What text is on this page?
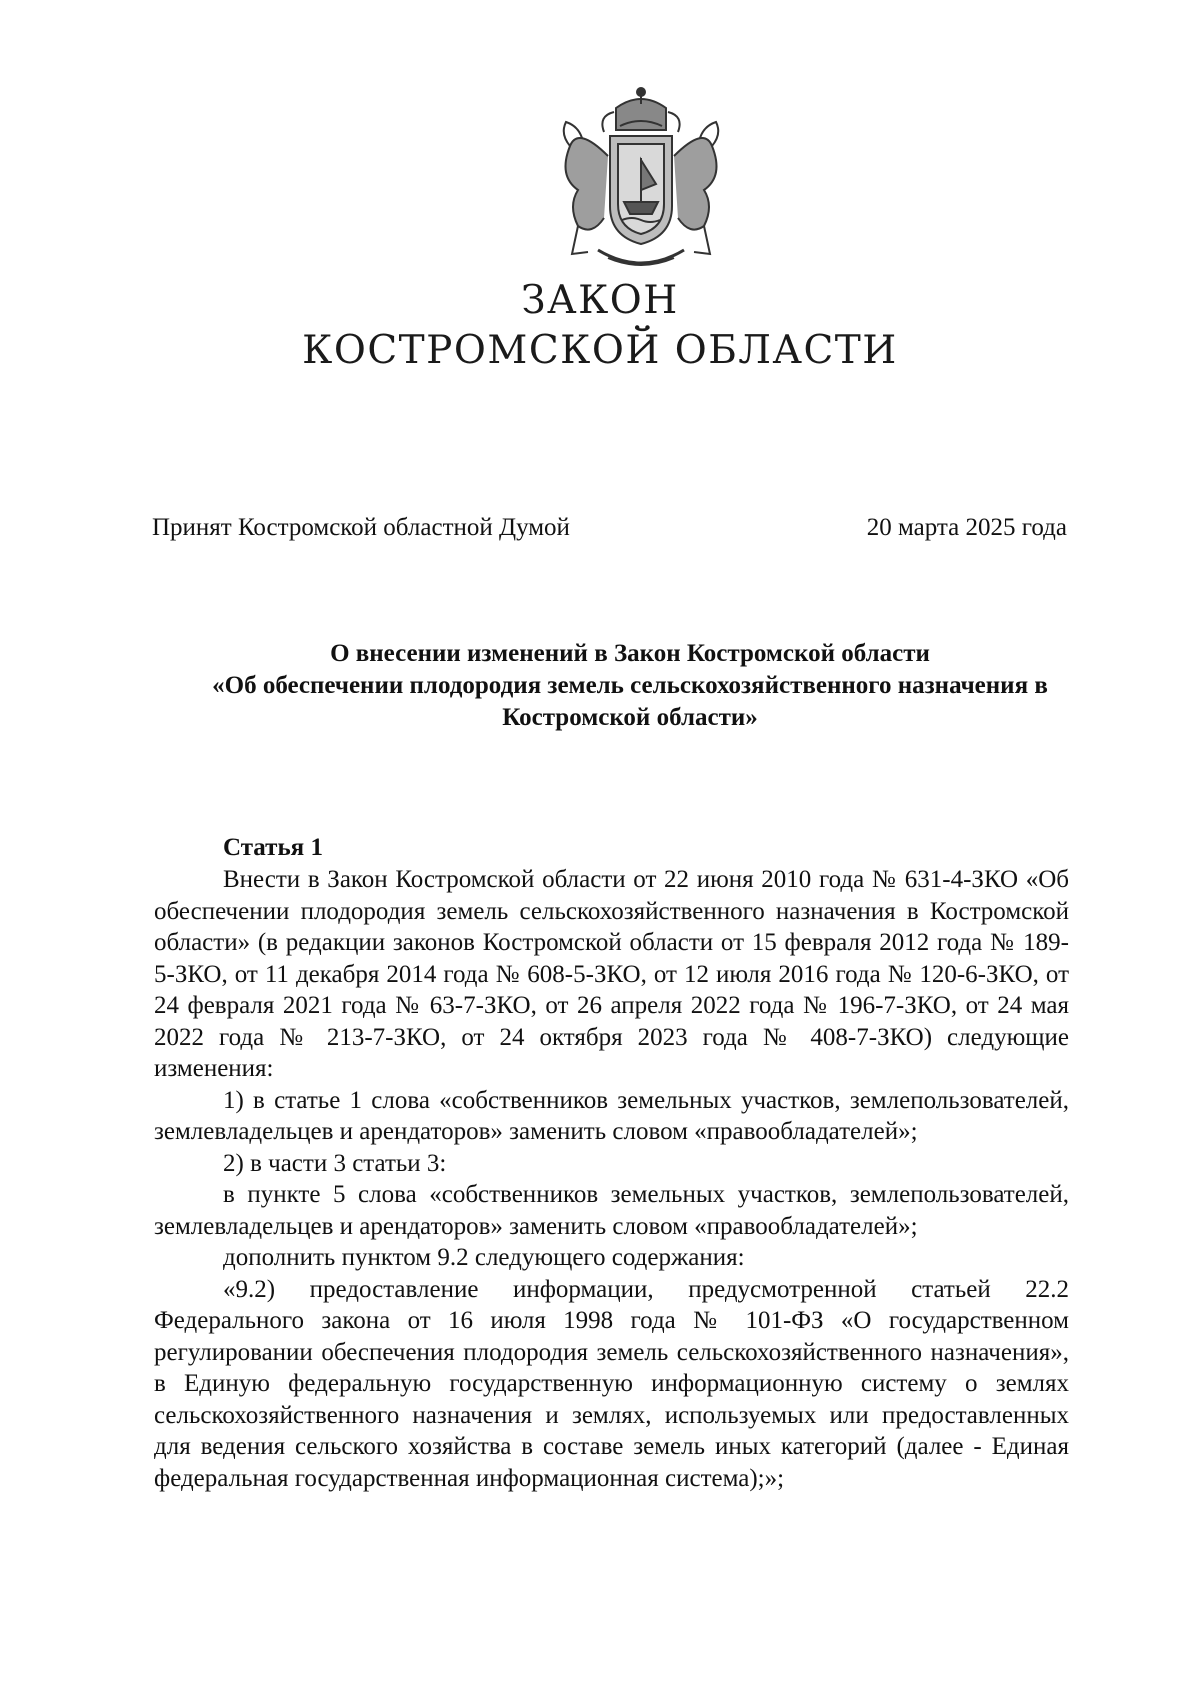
ЗАКОН
КОСТРОМСКОЙ ОБЛАСТИ
Принят Костромской областной Думой	20 марта 2025 года
О внесении изменений в Закон Костромской области
«Об обеспечении плодородия земель сельскохозяйственного назначения в
Костромской области»
Статья 1

Внести в Закон Костромской области от 22 июня 2010 года № 631-4-ЗКО «Об обеспечении плодородия земель сельскохозяйственного назначения в Костромской области» (в редакции законов Костромской области от 15 февраля 2012 года № 189-5-ЗКО, от 11 декабря 2014 года № 608-5-ЗКО, от 12 июля 2016 года № 120-6-ЗКО, от 24 февраля 2021 года № 63-7-ЗКО, от 26 апреля 2022 года № 196-7-ЗКО, от 24 мая 2022 года № 213-7-ЗКО, от 24 октября 2023 года № 408-7-ЗКО) следующие изменения:

1) в статье 1 слова «собственников земельных участков, землепользователей, землевладельцев и арендаторов» заменить словом «правообладателей»;

2) в части 3 статьи 3:

в пункте 5 слова «собственников земельных участков, землепользователей, землевладельцев и арендаторов» заменить словом «правообладателей»;

дополнить пунктом 9.2 следующего содержания:

«9.2) предоставление информации, предусмотренной статьей 22.2 Федерального закона от 16 июля 1998 года № 101-ФЗ «О государственном регулировании обеспечения плодородия земель сельскохозяйственного назначения», в Единую федеральную государственную информационную систему о землях сельскохозяйственного назначения и землях, используемых или предоставленных для ведения сельского хозяйства в составе земель иных категорий (далее - Единая федеральная государственная информационная система);»;
